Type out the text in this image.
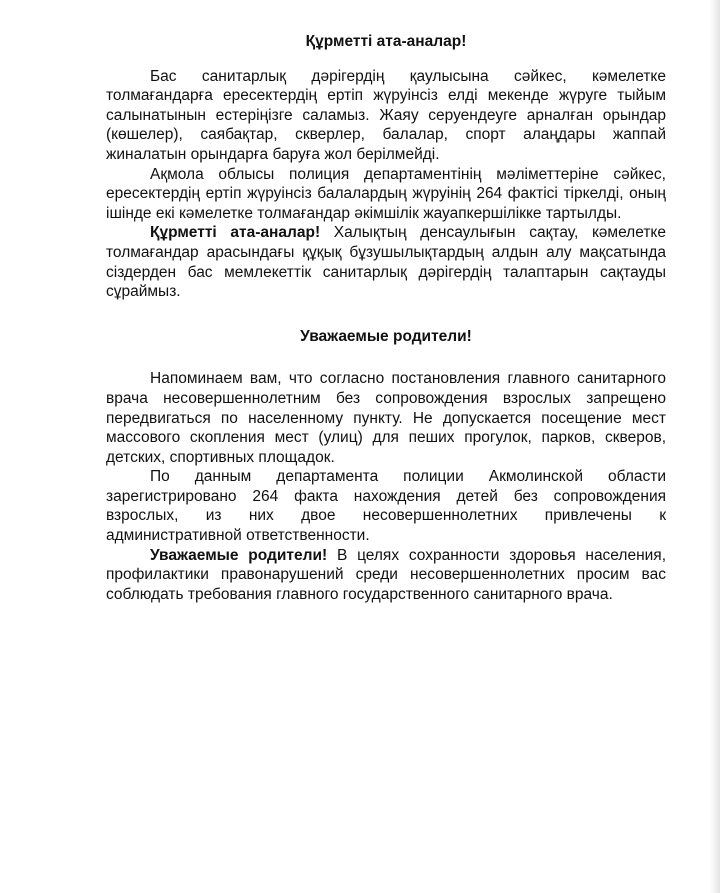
Құрметті ата-аналар!

Бас санитарлық дәрігердің қаулысына сәйкес, кәмелетке толмағандарға ересектердің ертіп жүруінсіз елді мекенде жүруге тыйым салынатынын естеріңізге саламыз. Жаяу серуендеуге арналған орындар (көшелер), саябақтар, скверлер, балалар, спорт алаңдары жаппай жиналатын орындарға баруға жол берілмейді.

Ақмола облысы полиция департаментінің мәліметтеріне сәйкес, ересектердің ертіп жүруінсіз балалардың жүруінің 264 фактісі тіркелді, оның ішінде екі кәмелетке толмағандар әкімшілік жауапкершілікке тартылды.

Құрметті ата-аналар! Халықтың денсаулығын сақтау, кәмелетке толмағандар арасындағы құқық бұзушылықтардың алдын алу мақсатында сіздерден бас мемлекеттік санитарлық дәрігердің талаптарын сақтауды сұраймыз.

Уважаемые родители!

Напоминаем вам, что согласно постановления главного санитарного врача несовершеннолетним без сопровождения взрослых запрещено передвигаться по населенному пункту. Не допускается посещение мест массового скопления мест (улиц) для пеших прогулок, парков, скверов, детских, спортивных площадок.

По данным департамента полиции Акмолинской области зарегистрировано 264 факта нахождения детей без сопровождения взрослых, из них двое несовершеннолетних привлечены к административной ответственности.

Уважаемые родители! В целях сохранности здоровья населения, профилактики правонарушений среди несовершеннолетних просим вас соблюдать требования главного государственного санитарного врача.
